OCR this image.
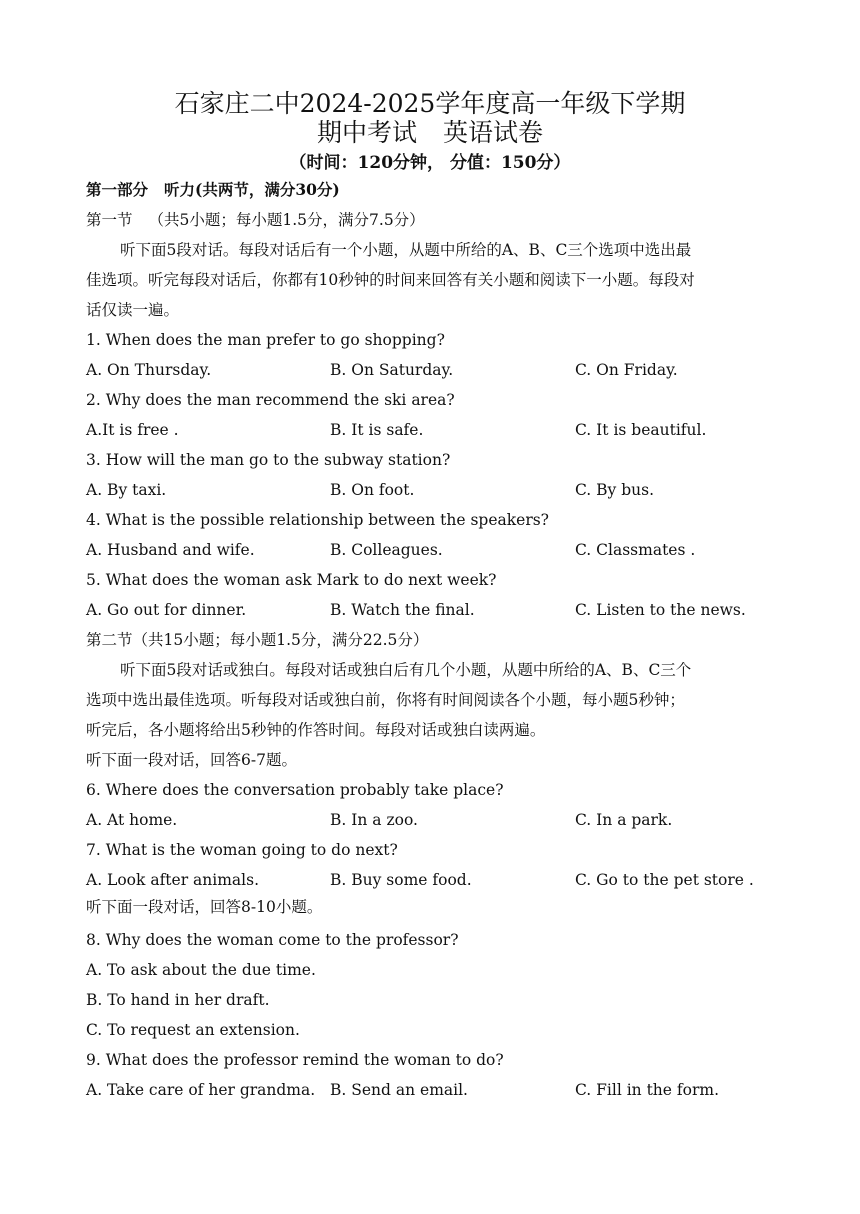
石家庄二中2024-2025学年度高一年级下学期
期中考试 英语试卷
（时间：120分钟， 分值：150分）
第一部分 听力(共两节，满分30分)
第一节 （共5小题；每小题1.5分，满分7.5分）
听下面5段对话。每段对话后有一个小题，从题中所给的A、B、C三个选项中选出最
佳选项。听完每段对话后，你都有10秒钟的时间来回答有关小题和阅读下一小题。每段对
话仅读一遍。
1. When does the man prefer to go shopping?
A. On Thursday.	B. On Saturday.	C. On Friday.
2. Why does the man recommend the ski area?
A.It is free .	B. It is safe.	C. It is beautiful.
3. How will the man go to the subway station?
A. By taxi.	B. On foot.	C. By bus.
4. What is the possible relationship between the speakers?
A. Husband and wife.	B. Colleagues.	C. Classmates .
5. What does the woman ask Mark to do next week?
A. Go out for dinner.	B. Watch the final.	C. Listen to the news.
第二节（共15小题；每小题1.5分，满分22.5分）
听下面5段对话或独白。每段对话或独白后有几个小题，从题中所给的A、B、C三个
选项中选出最佳选项。听每段对话或独白前，你将有时间阅读各个小题，每小题5秒钟；
听完后，各小题将给出5秒钟的作答时间。每段对话或独白读两遍。
听下面一段对话，回答6-7题。
6. Where does the conversation probably take place?
A. At home.	B. In a zoo.	C. In a park.
7. What is the woman going to do next?
A. Look after animals.	B. Buy some food.	C. Go to the pet store .
听下面一段对话，回答8-10小题。
8. Why does the woman come to the professor?
A. To ask about the due time.
B. To hand in her draft.
C. To request an extension.
9. What does the professor remind the woman to do?
A. Take care of her grandma. B. Send an email.	C. Fill in the form.
